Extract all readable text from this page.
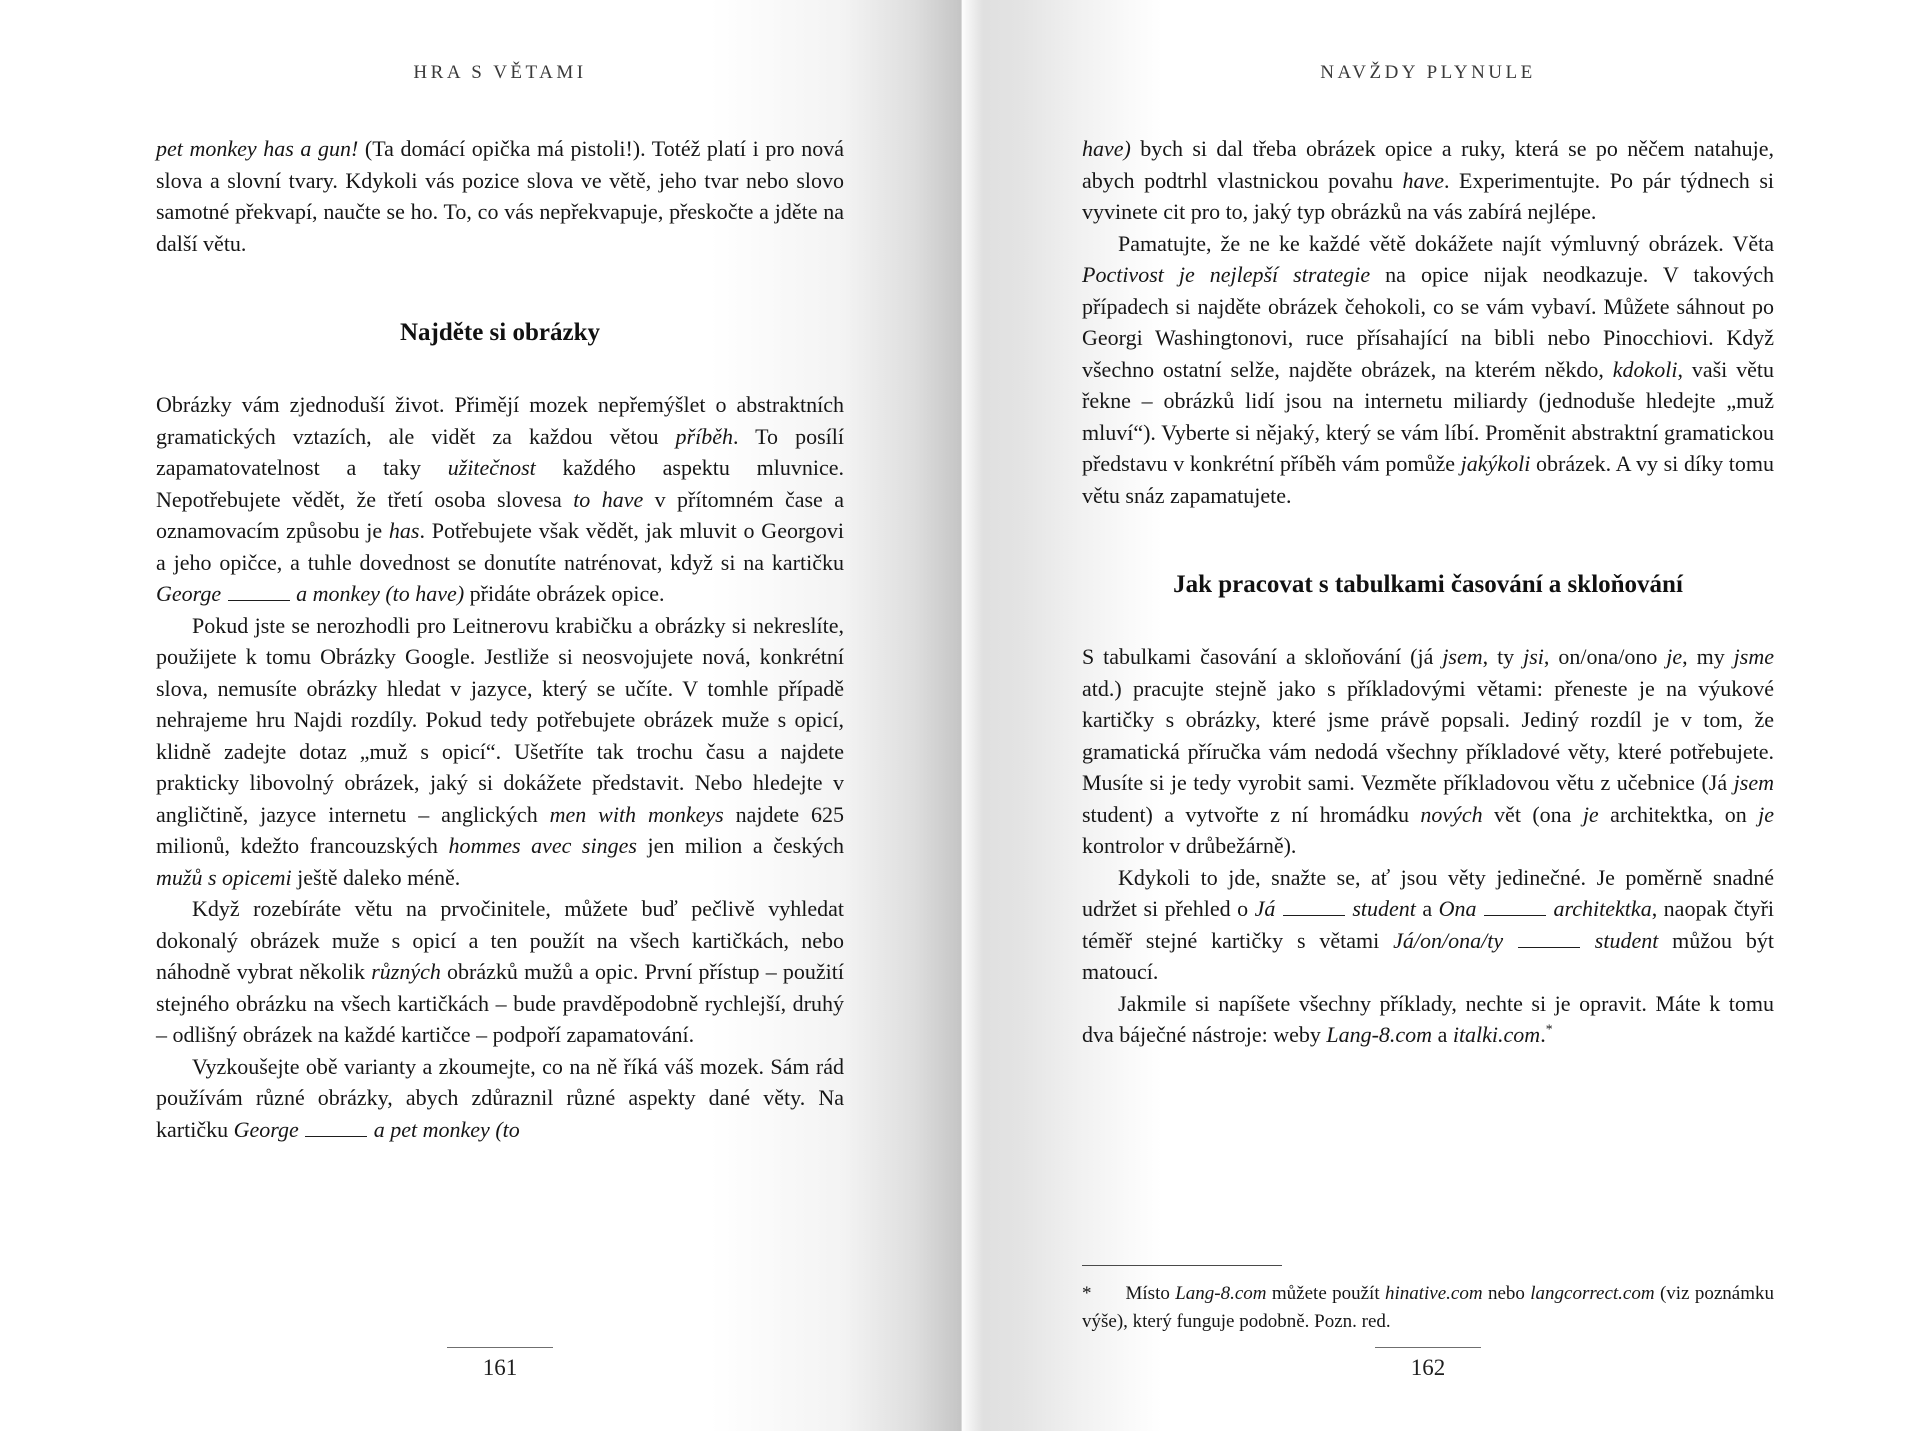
HRA S VĚTAMI

pet monkey has a gun! (Ta domácí opička má pistoli!). Totéž platí i pro nová slova a slovní tvary. Kdykoli vás pozice slova ve větě, jeho tvar nebo slovo samotné překvapí, naučte se ho. To, co vás nepřekvapuje, přeskočte a jděte na další větu.

Najděte si obrázky

Obrázky vám zjednoduší život. Přimějí mozek nepřemýšlet o abstraktních gramatických vztazích, ale vidět za každou větou příběh. To posílí zapamatovatelnost a taky užitečnost každého aspektu mluvnice. Nepotřebujete vědět, že třetí osoba slovesa to have v přítomném čase a oznamovacím způsobu je has. Potřebujete však vědět, jak mluvit o Georgovi a jeho opičce, a tuhle dovednost se donutíte natrénovat, když si na kartičku George	a monkey (to have) přidáte obrázek opice.

Pokud jste se nerozhodli pro Leitnerovu krabičku a obrázky si nekreslíte, použijete k tomu Obrázky Google. Jestliže si neosvojujete nová, konkrétní slova, nemusíte obrázky hledat v jazyce, který se učíte. V tomhle případě nehrajeme hru Najdi rozdíly. Pokud tedy potřebujete obrázek muže s opicí, klidně zadejte dotaz „muž s opicí“. Ušetříte tak trochu času a najdete prakticky libovolný obrázek, jaký si dokážete představit. Nebo hledejte v angličtině, jazyce internetu – anglických men with monkeys najdete 625 milionů, kdežto francouzských hommes avec singes jen milion a českých mužů s opicemi ještě daleko méně.

Když rozebíráte větu na prvočinitele, můžete buď pečlivě vyhledat dokonalý obrázek muže s opicí a ten použít na všech kartičkách, nebo náhodně vybrat několik různých obrázků mužů a opic. První přístup – použití stejného obrázku na všech kartičkách – bude pravděpodobně rychlejší, druhý – odlišný obrázek na každé kartičce – podpoří zapamatování.

Vyzkoušejte obě varianty a zkoumejte, co na ně říká váš mozek. Sám rád používám různé obrázky, abych zdůraznil různé aspekty dané věty. Na kartičku George	a pet monkey (to

161
NAVŽDY PLYNULE

have) bych si dal třeba obrázek opice a ruky, která se po něčem natahuje, abych podtrhl vlastnickou povahu have. Experimentujte. Po pár týdnech si vyvinete cit pro to, jaký typ obrázků na vás zabírá nejlépe.

Pamatujte, že ne ke každé větě dokážete najít výmluvný obrázek. Věta Poctivost je nejlepší strategie na opice nijak neodkazuje. V takových případech si najděte obrázek čehokoli, co se vám vybaví. Můžete sáhnout po Georgi Washingtonovi, ruce přísahající na bibli nebo Pinocchiovi. Když všechno ostatní selže, najděte obrázek, na kterém někdo, kdokoli, vaši větu řekne – obrázků lidí jsou na internetu miliardy (jednoduše hledejte „muž mluví“). Vyberte si nějaký, který se vám líbí. Proměnit abstraktní gramatickou představu v konkrétní příběh vám pomůže jakýkoli obrázek. A vy si díky tomu větu snáz zapamatujete.

Jak pracovat s tabulkami časování a skloňování

S tabulkami časování a skloňování (já jsem, ty jsi, on/ona/ono je, my jsme atd.) pracujte stejně jako s příkladovými větami: přeneste je na výukové kartičky s obrázky, které jsme právě popsali. Jediný rozdíl je v tom, že gramatická příručka vám nedodá všechny příkladové věty, které potřebujete. Musíte si je tedy vyrobit sami. Vezměte příkladovou větu z učebnice (Já jsem student) a vytvořte z ní hromádku nových vět (ona je architektka, on je kontrolor v drůbežárně).

Kdykoli to jde, snažte se, ať jsou věty jedinečné. Je poměrně snadné udržet si přehled o Já	student a Ona	architektka, naopak čtyři téměř stejné kartičky s větami Já/on/ona/ty	student můžou být matoucí.

Jakmile si napíšete všechny příklady, nechte si je opravit. Máte k tomu dva báječné nástroje: weby Lang-8.com a italki.com.*

162

* Místo Lang-8.com můžete použít hinative.com nebo langcorrect.com (viz poznámku výše), který funguje podobně. Pozn. red.
